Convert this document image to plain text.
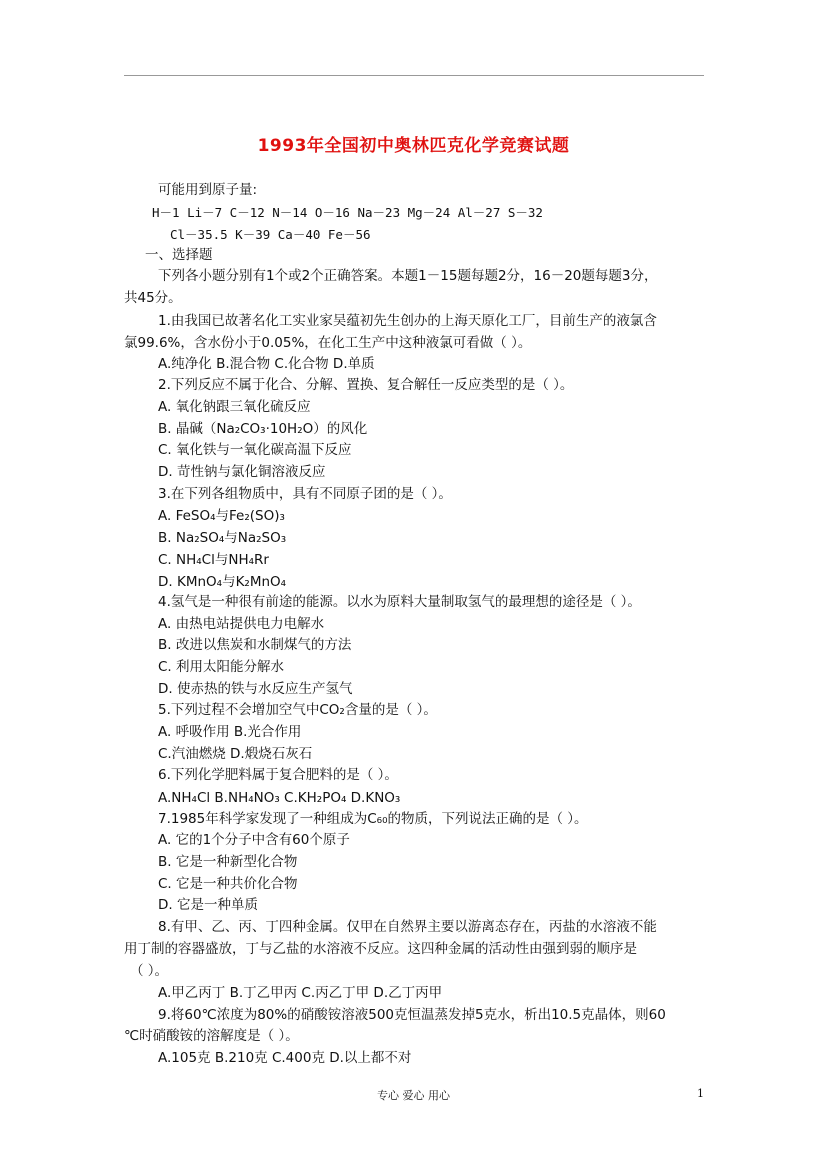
1993年全国初中奥林匹克化学竞赛试题
可能用到原子量:
H－1 Li－7 C－12 N－14 O－16 Na－23 Mg－24 Al－27 S－32
Cl－35.5 K－39 Ca－40 Fe－56
一、选择题
下列各小题分别有1个或2个正确答案。本题1－15题每题2分，16－20题每题3分，
共45分。
1.由我国已故著名化工实业家吴蕴初先生创办的上海天原化工厂，目前生产的液氯含
氯99.6%，含水份小于0.05%，在化工生产中这种液氯可看做（ ）。
A.纯净化 B.混合物 C.化合物 D.单质
2.下列反应不属于化合、分解、置换、复合解任一反应类型的是（ ）。
A. 氧化钠跟三氧化硫反应
B. 晶碱（Na₂CO₃·10H₂O）的风化
C. 氧化铁与一氧化碳高温下反应
D. 苛性钠与氯化铜溶液反应
3.在下列各组物质中，具有不同原子团的是（ ）。
A. FeSO₄与Fe₂(SO)₃
B. Na₂SO₄与Na₂SO₃
C. NH₄Cl与NH₄Rr
D. KMnO₄与K₂MnO₄
4.氢气是一种很有前途的能源。以水为原料大量制取氢气的最理想的途径是（ ）。
A. 由热电站提供电力电解水
B. 改进以焦炭和水制煤气的方法
C. 利用太阳能分解水
D. 使赤热的铁与水反应生产氢气
5.下列过程不会增加空气中CO₂含量的是（ ）。
A. 呼吸作用 B.光合作用
C.汽油燃烧 D.煅烧石灰石
6.下列化学肥料属于复合肥料的是（ ）。
A.NH₄Cl B.NH₄NO₃ C.KH₂PO₄ D.KNO₃
7.1985年科学家发现了一种组成为C₆₀的物质，下列说法正确的是（ ）。
A. 它的1个分子中含有60个原子
B. 它是一种新型化合物
C. 它是一种共价化合物
D. 它是一种单质
8.有甲、乙、丙、丁四种金属。仅甲在自然界主要以游离态存在，丙盐的水溶液不能
用丁制的容器盛放，丁与乙盐的水溶液不反应。这四种金属的活动性由强到弱的顺序是
（ ）。
A.甲乙丙丁 B.丁乙甲丙 C.丙乙丁甲 D.乙丁丙甲
9.将60℃浓度为80%的硝酸铵溶液500克恒温蒸发掉5克水，析出10.5克晶体，则60
℃时硝酸铵的溶解度是（ ）。
A.105克 B.210克 C.400克 D.以上都不对
专心 爱心 用心	1
